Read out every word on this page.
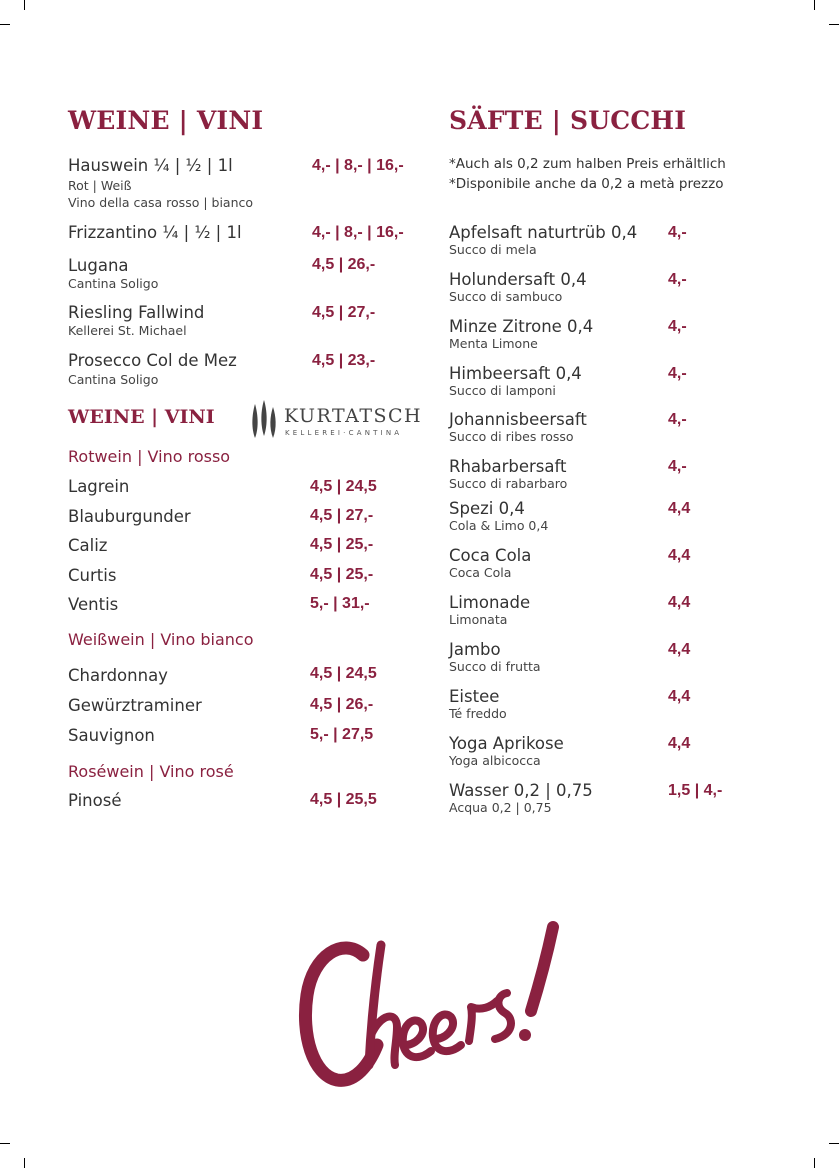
WEINE | VINI
Hauswein ¼ | ½ | 1l	4,- | 8,- | 16,-
Rot | Weiß
Vino della casa rosso | bianco
Frizzantino ¼ | ½ | 1l	4,- | 8,- | 16,-
Lugana	4,5 | 26,-
Cantina Soligo
Riesling Fallwind	4,5 | 27,-
Kellerei St. Michael
Prosecco Col de Mez	4,5 | 23,-
Cantina Soligo
WEINE | VINI	KURTATSCH
KELLEREI·CANTINA
Rotwein | Vino rosso
Lagrein	4,5 | 24,5
Blauburgunder	4,5 | 27,-
Caliz	4,5 | 25,-
Curtis	4,5 | 25,-
Ventis	5,- | 31,-
Weißwein | Vino bianco
Chardonnay	4,5 | 24,5
Gewürztraminer	4,5 | 26,-
Sauvignon	5,- | 27,5
Roséwein | Vino rosé
Pinosé	4,5 | 25,5
SÄFTE | SUCCHI
*Auch als 0,2 zum halben Preis erhältlich
*Disponibile anche da 0,2 a metà prezzo
Apfelsaft naturtrüb 0,4 4,-
Succo di mela
Holundersaft 0,4	4,-
Succo di sambuco
Minze Zitrone 0,4	4,-
Menta Limone
Himbeersaft 0,4	4,-
Succo di lamponi
Johannisbeersaft	4,-
Succo di ribes rosso
Rhabarbersaft	4,-
Succo di rabarbaro
Spezi 0,4	4,4
Cola & Limo 0,4
Coca Cola	4,4
Coca Cola
Limonade	4,4
Limonata
Jambo	4,4
Succo di frutta
Eistee	4,4
Té freddo
Yoga Aprikose	4,4
Yoga albicocca
Wasser 0,2 | 0,75	1,5 | 4,-
Acqua 0,2 | 0,75
